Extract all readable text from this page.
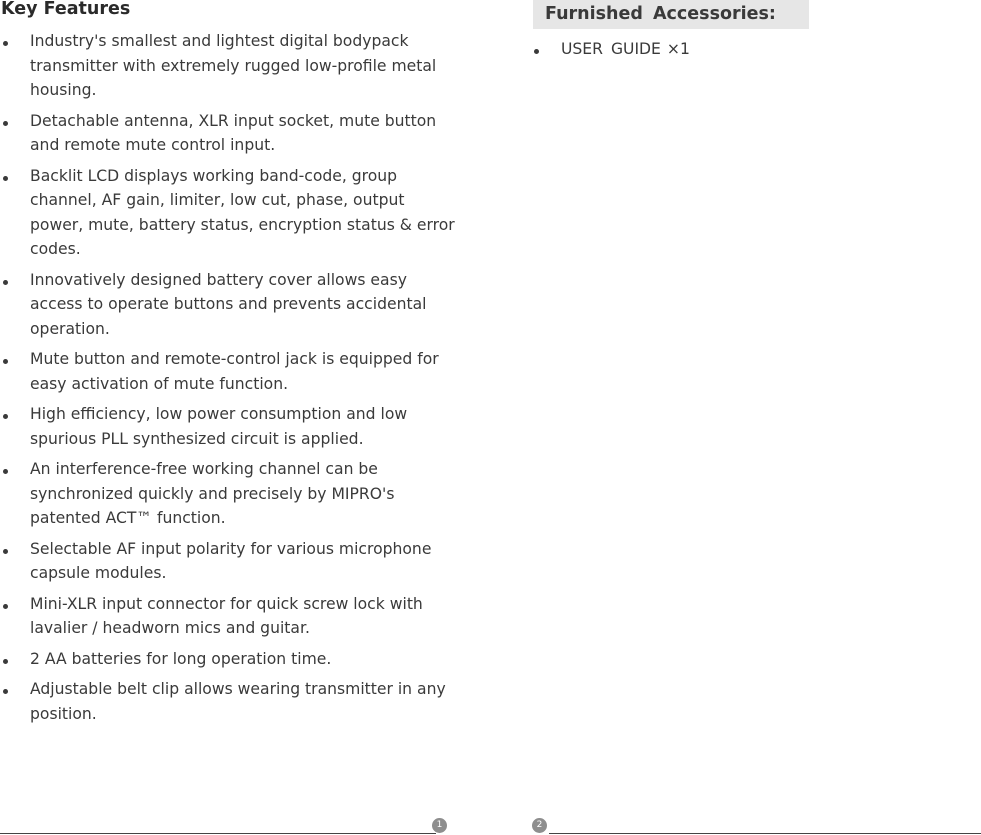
Key Features
Industry's smallest and lightest digital bodypack transmitter with extremely rugged low-profile metal housing.
Detachable antenna, XLR input socket, mute button and remote mute control input.
Backlit LCD displays working band-code, group channel, AF gain, limiter, low cut, phase, output power, mute, battery status, encryption status & error codes.
Innovatively designed battery cover allows easy access to operate buttons and prevents accidental operation.
Mute button and remote-control jack is equipped for easy activation of mute function.
High efficiency, low power consumption and low spurious PLL synthesized circuit is applied.
An interference-free working channel can be synchronized quickly and precisely by MIPRO's patented ACT™ function.
Selectable AF input polarity for various microphone capsule modules.
Mini-XLR input connector for quick screw lock with lavalier / headworn mics and guitar.
2 AA batteries for long operation time.
Adjustable belt clip allows wearing transmitter in any position.
Furnished Accessories:
USER GUIDE ×1
1	2
